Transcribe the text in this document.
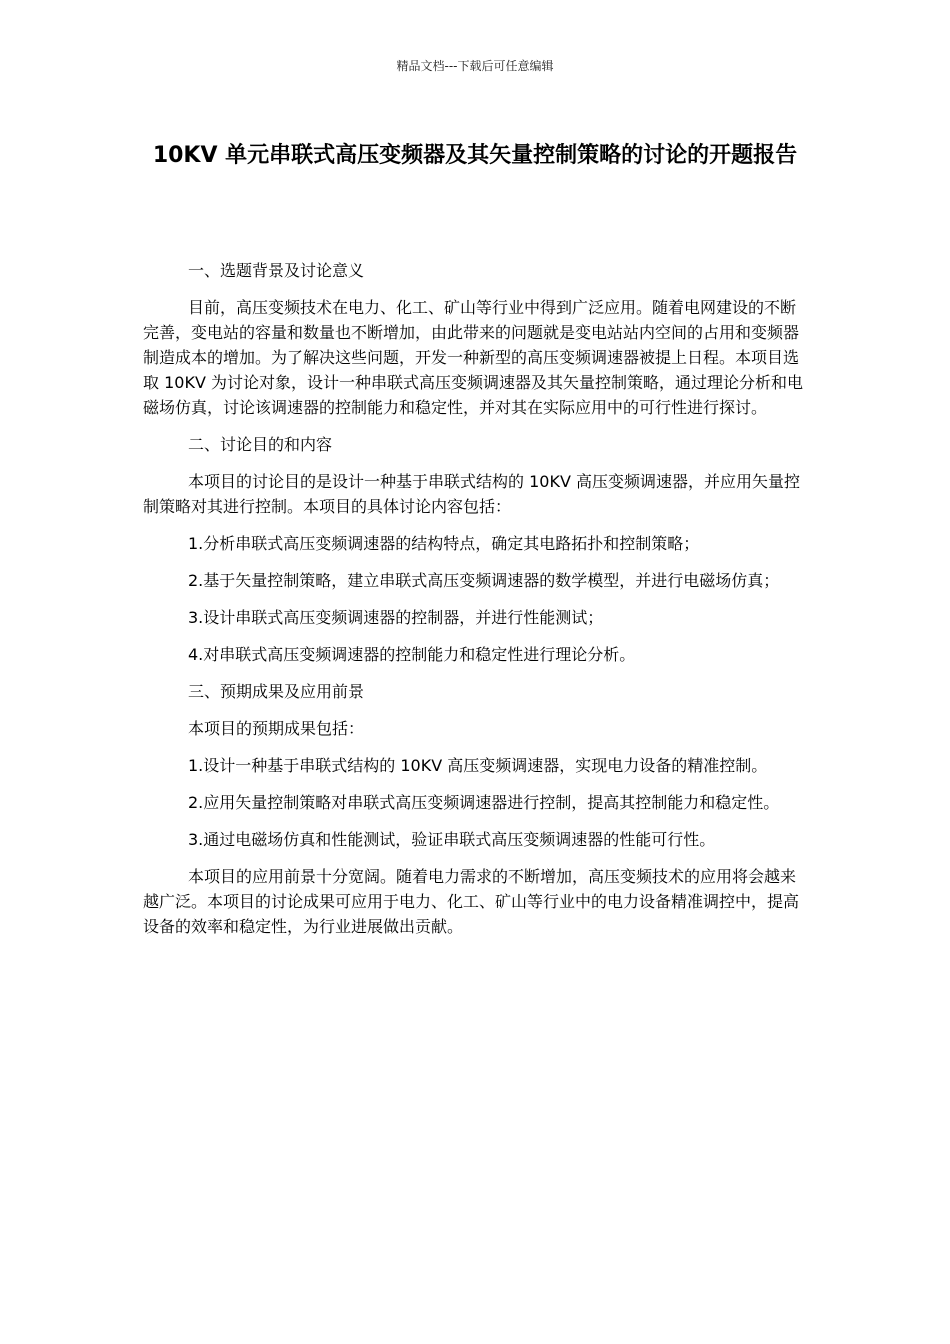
精品文档---下载后可任意编辑
10KV 单元串联式高压变频器及其矢量控制策略的讨论的开题报告

一、选题背景及讨论意义

目前，高压变频技术在电力、化工、矿山等行业中得到广泛应用。随着电网建设的不断完善，变电站的容量和数量也不断增加，由此带来的问题就是变电站站内空间的占用和变频器制造成本的增加。为了解决这些问题，开发一种新型的高压变频调速器被提上日程。本项目选取 10KV 为讨论对象，设计一种串联式高压变频调速器及其矢量控制策略，通过理论分析和电磁场仿真，讨论该调速器的控制能力和稳定性，并对其在实际应用中的可行性进行探讨。

二、讨论目的和内容

本项目的讨论目的是设计一种基于串联式结构的 10KV 高压变频调速器，并应用矢量控制策略对其进行控制。本项目的具体讨论内容包括：

1.分析串联式高压变频调速器的结构特点，确定其电路拓扑和控制策略；

2.基于矢量控制策略，建立串联式高压变频调速器的数学模型，并进行电磁场仿真；

3.设计串联式高压变频调速器的控制器，并进行性能测试；

4.对串联式高压变频调速器的控制能力和稳定性进行理论分析。

三、预期成果及应用前景

本项目的预期成果包括：

1.设计一种基于串联式结构的 10KV 高压变频调速器，实现电力设备的精准控制。

2.应用矢量控制策略对串联式高压变频调速器进行控制，提高其控制能力和稳定性。

3.通过电磁场仿真和性能测试，验证串联式高压变频调速器的性能可行性。

本项目的应用前景十分宽阔。随着电力需求的不断增加，高压变频技术的应用将会越来越广泛。本项目的讨论成果可应用于电力、化工、矿山等行业中的电力设备精准调控中，提高设备的效率和稳定性，为行业进展做出贡献。
